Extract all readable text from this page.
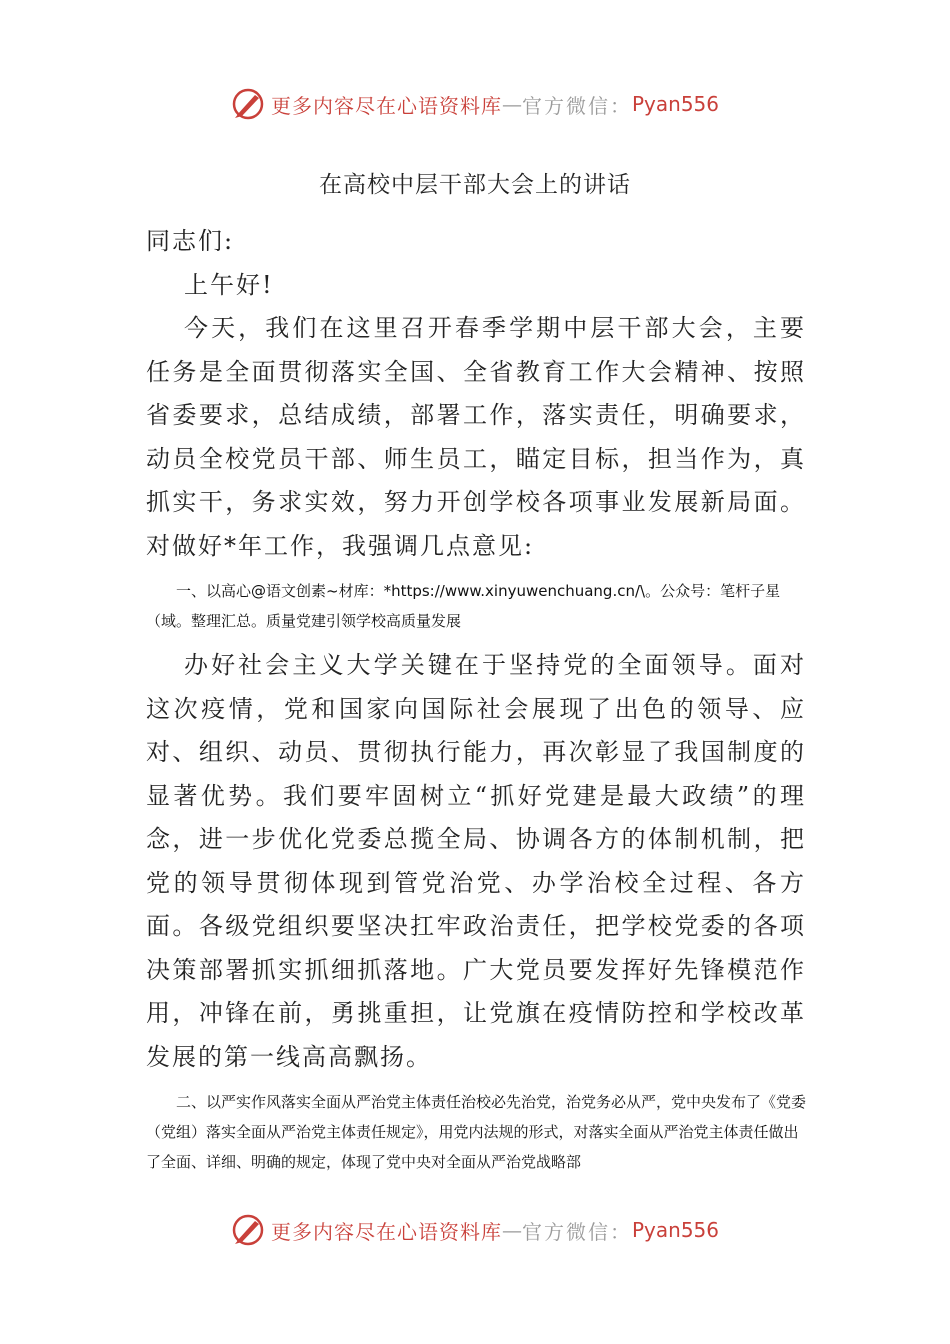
更多内容尽在心语资料库 — 官方微信： Pyan556
在高校中层干部大会上的讲话

同志们:

上午好!

今天，我们在这里召开春季学期中层干部大会，主要任务是全面贯彻落实全国、全省教育工作大会精神、按照省委要求，总结成绩，部署工作，落实责任，明确要求，动员全校党员干部、师生员工，瞄定目标，担当作为，真抓实干，务求实效，努力开创学校各项事业发展新局面。对做好*年工作，我强调几点意见:

一、以高心@语文创素~材库：*https://www.xinyuwenchuang.cn/\。公众号：笔杆子星（域。整理汇总。质量党建引领学校高质量发展

办好社会主义大学关键在于坚持党的全面领导。面对这次疫情，党和国家向国际社会展现了出色的领导、应对、组织、动员、贯彻执行能力，再次彰显了我国制度的显著优势。我们要牢固树立“抓好党建是最大政绩”的理念，进一步优化党委总揽全局、协调各方的体制机制，把党的领导贯彻体现到管党治党、办学治校全过程、各方面。各级党组织要坚决扛牢政治责任，把学校党委的各项决策部署抓实抓细抓落地。广大党员要发挥好先锋模范作用，冲锋在前，勇挑重担，让党旗在疫情防控和学校改革发展的第一线高高飘扬。

二、以严实作风落实全面从严治党主体责任治校必先治党，治党务必从严，党中央发布了《党委（党组）落实全面从严治党主体责任规定》，用党内法规的形式，对落实全面从严治党主体责任做出了全面、详细、明确的规定，体现了党中央对全面从严治党战略部

更多内容尽在心语资料库 — 官方微信： Pyan556
